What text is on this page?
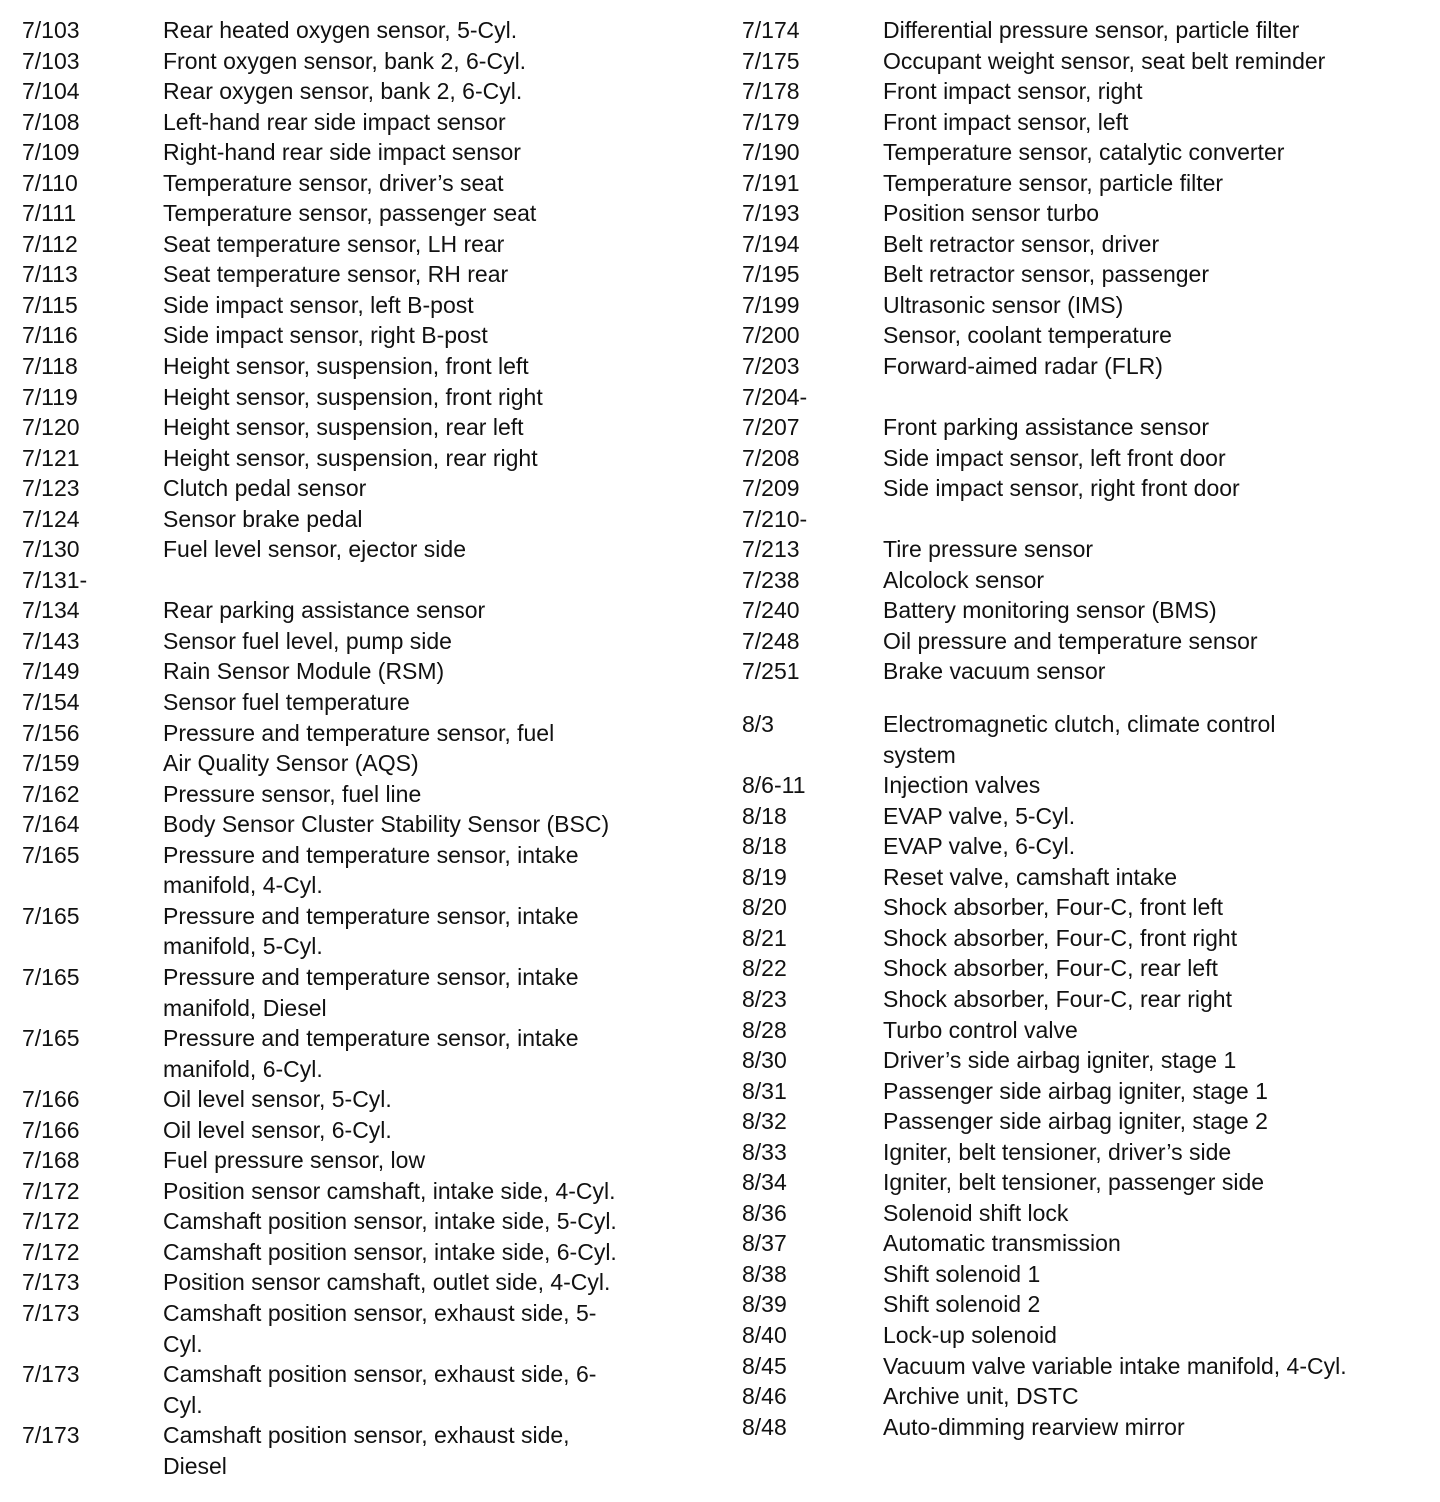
7/103	Rear heated oxygen sensor, 5-Cyl.
7/103	Front oxygen sensor, bank 2, 6-Cyl.
7/104	Rear oxygen sensor, bank 2, 6-Cyl.
7/108	Left-hand rear side impact sensor
7/109	Right-hand rear side impact sensor
7/110	Temperature sensor, driver’s seat
7/111	Temperature sensor, passenger seat
7/112	Seat temperature sensor, LH rear
7/113	Seat temperature sensor, RH rear
7/115	Side impact sensor, left B-post
7/116	Side impact sensor, right B-post
7/118	Height sensor, suspension, front left
7/119	Height sensor, suspension, front right
7/120	Height sensor, suspension, rear left
7/121	Height sensor, suspension, rear right
7/123	Clutch pedal sensor
7/124	Sensor brake pedal
7/130	Fuel level sensor, ejector side
7/131-
7/134	Rear parking assistance sensor
7/143	Sensor fuel level, pump side
7/149	Rain Sensor Module (RSM)
7/154	Sensor fuel temperature
7/156	Pressure and temperature sensor, fuel
7/159	Air Quality Sensor (AQS)
7/162	Pressure sensor, fuel line
7/164	Body Sensor Cluster Stability Sensor (BSC)
7/165	Pressure and temperature sensor, intake manifold, 4-Cyl.
7/165	Pressure and temperature sensor, intake manifold, 5-Cyl.
7/165	Pressure and temperature sensor, intake manifold, Diesel
7/165	Pressure and temperature sensor, intake manifold, 6-Cyl.
7/166	Oil level sensor, 5-Cyl.
7/166	Oil level sensor, 6-Cyl.
7/168	Fuel pressure sensor, low
7/172	Position sensor camshaft, intake side, 4-Cyl.
7/172	Camshaft position sensor, intake side, 5-Cyl.
7/172	Camshaft position sensor, intake side, 6-Cyl.
7/173	Position sensor camshaft, outlet side, 4-Cyl.
7/173	Camshaft position sensor, exhaust side, 5-Cyl.
7/173	Camshaft position sensor, exhaust side, 6-Cyl.
7/173	Camshaft position sensor, exhaust side, Diesel
7/174	Differential pressure sensor, particle filter
7/175	Occupant weight sensor, seat belt reminder
7/178	Front impact sensor, right
7/179	Front impact sensor, left
7/190	Temperature sensor, catalytic converter
7/191	Temperature sensor, particle filter
7/193	Position sensor turbo
7/194	Belt retractor sensor, driver
7/195	Belt retractor sensor, passenger
7/199	Ultrasonic sensor (IMS)
7/200	Sensor, coolant temperature
7/203	Forward-aimed radar (FLR)
7/204-
7/207	Front parking assistance sensor
7/208	Side impact sensor, left front door
7/209	Side impact sensor, right front door
7/210-
7/213	Tire pressure sensor
7/238	Alcolock sensor
7/240	Battery monitoring sensor (BMS)
7/248	Oil pressure and temperature sensor
7/251	Brake vacuum sensor
8/3	Electromagnetic clutch, climate control system
8/6-11	Injection valves
8/18	EVAP valve, 5-Cyl.
8/18	EVAP valve, 6-Cyl.
8/19	Reset valve, camshaft intake
8/20	Shock absorber, Four-C, front left
8/21	Shock absorber, Four-C, front right
8/22	Shock absorber, Four-C, rear left
8/23	Shock absorber, Four-C, rear right
8/28	Turbo control valve
8/30	Driver’s side airbag igniter, stage 1
8/31	Passenger side airbag igniter, stage 1
8/32	Passenger side airbag igniter, stage 2
8/33	Igniter, belt tensioner, driver’s side
8/34	Igniter, belt tensioner, passenger side
8/36	Solenoid shift lock
8/37	Automatic transmission
8/38	Shift solenoid 1
8/39	Shift solenoid 2
8/40	Lock-up solenoid
8/45	Vacuum valve variable intake manifold, 4-Cyl.
8/46	Archive unit, DSTC
8/48	Auto-dimming rearview mirror
